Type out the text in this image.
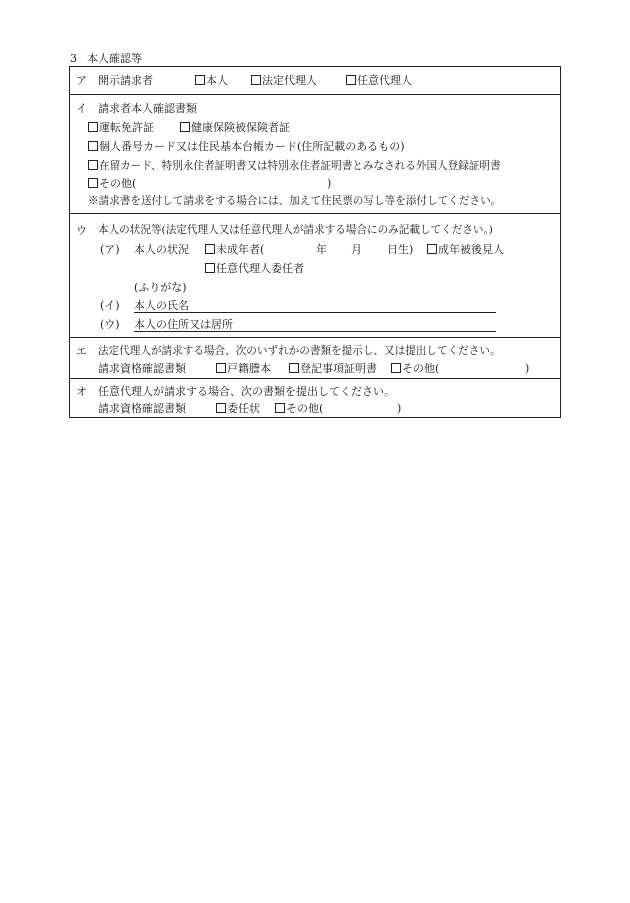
3 本人確認等
ア 開示請求者	本人	法定代理人	任意代理人
イ 請求者本人確認書類
運転免許証	健康保険被保険者証
個人番号カード又は住民基本台帳カード(住所記載のあるもの)
在留カード、特別永住者証明書又は特別永住者証明書とみなされる外国人登録証明書
その他(	)
※請求書を送付して請求をする場合には、加えて住民票の写し等を添付してください。
ウ 本人の状況等(法定代理人又は任意代理人が請求する場合にのみ記載してください。)
(ア) 本人の状況	未成年者(	年 月 日生)	成年被後見人
任意代理人委任者
(ふりがな)
(イ) 本人の氏名
(ウ) 本人の住所又は居所
エ 法定代理人が請求する場合、次のいずれかの書類を提示し、又は提出してください。
請求資格確認書類	戸籍謄本	登記事項証明書	その他(	)
オ 任意代理人が請求する場合、次の書類を提出してください。
請求資格確認書類	委任状	その他(	)
